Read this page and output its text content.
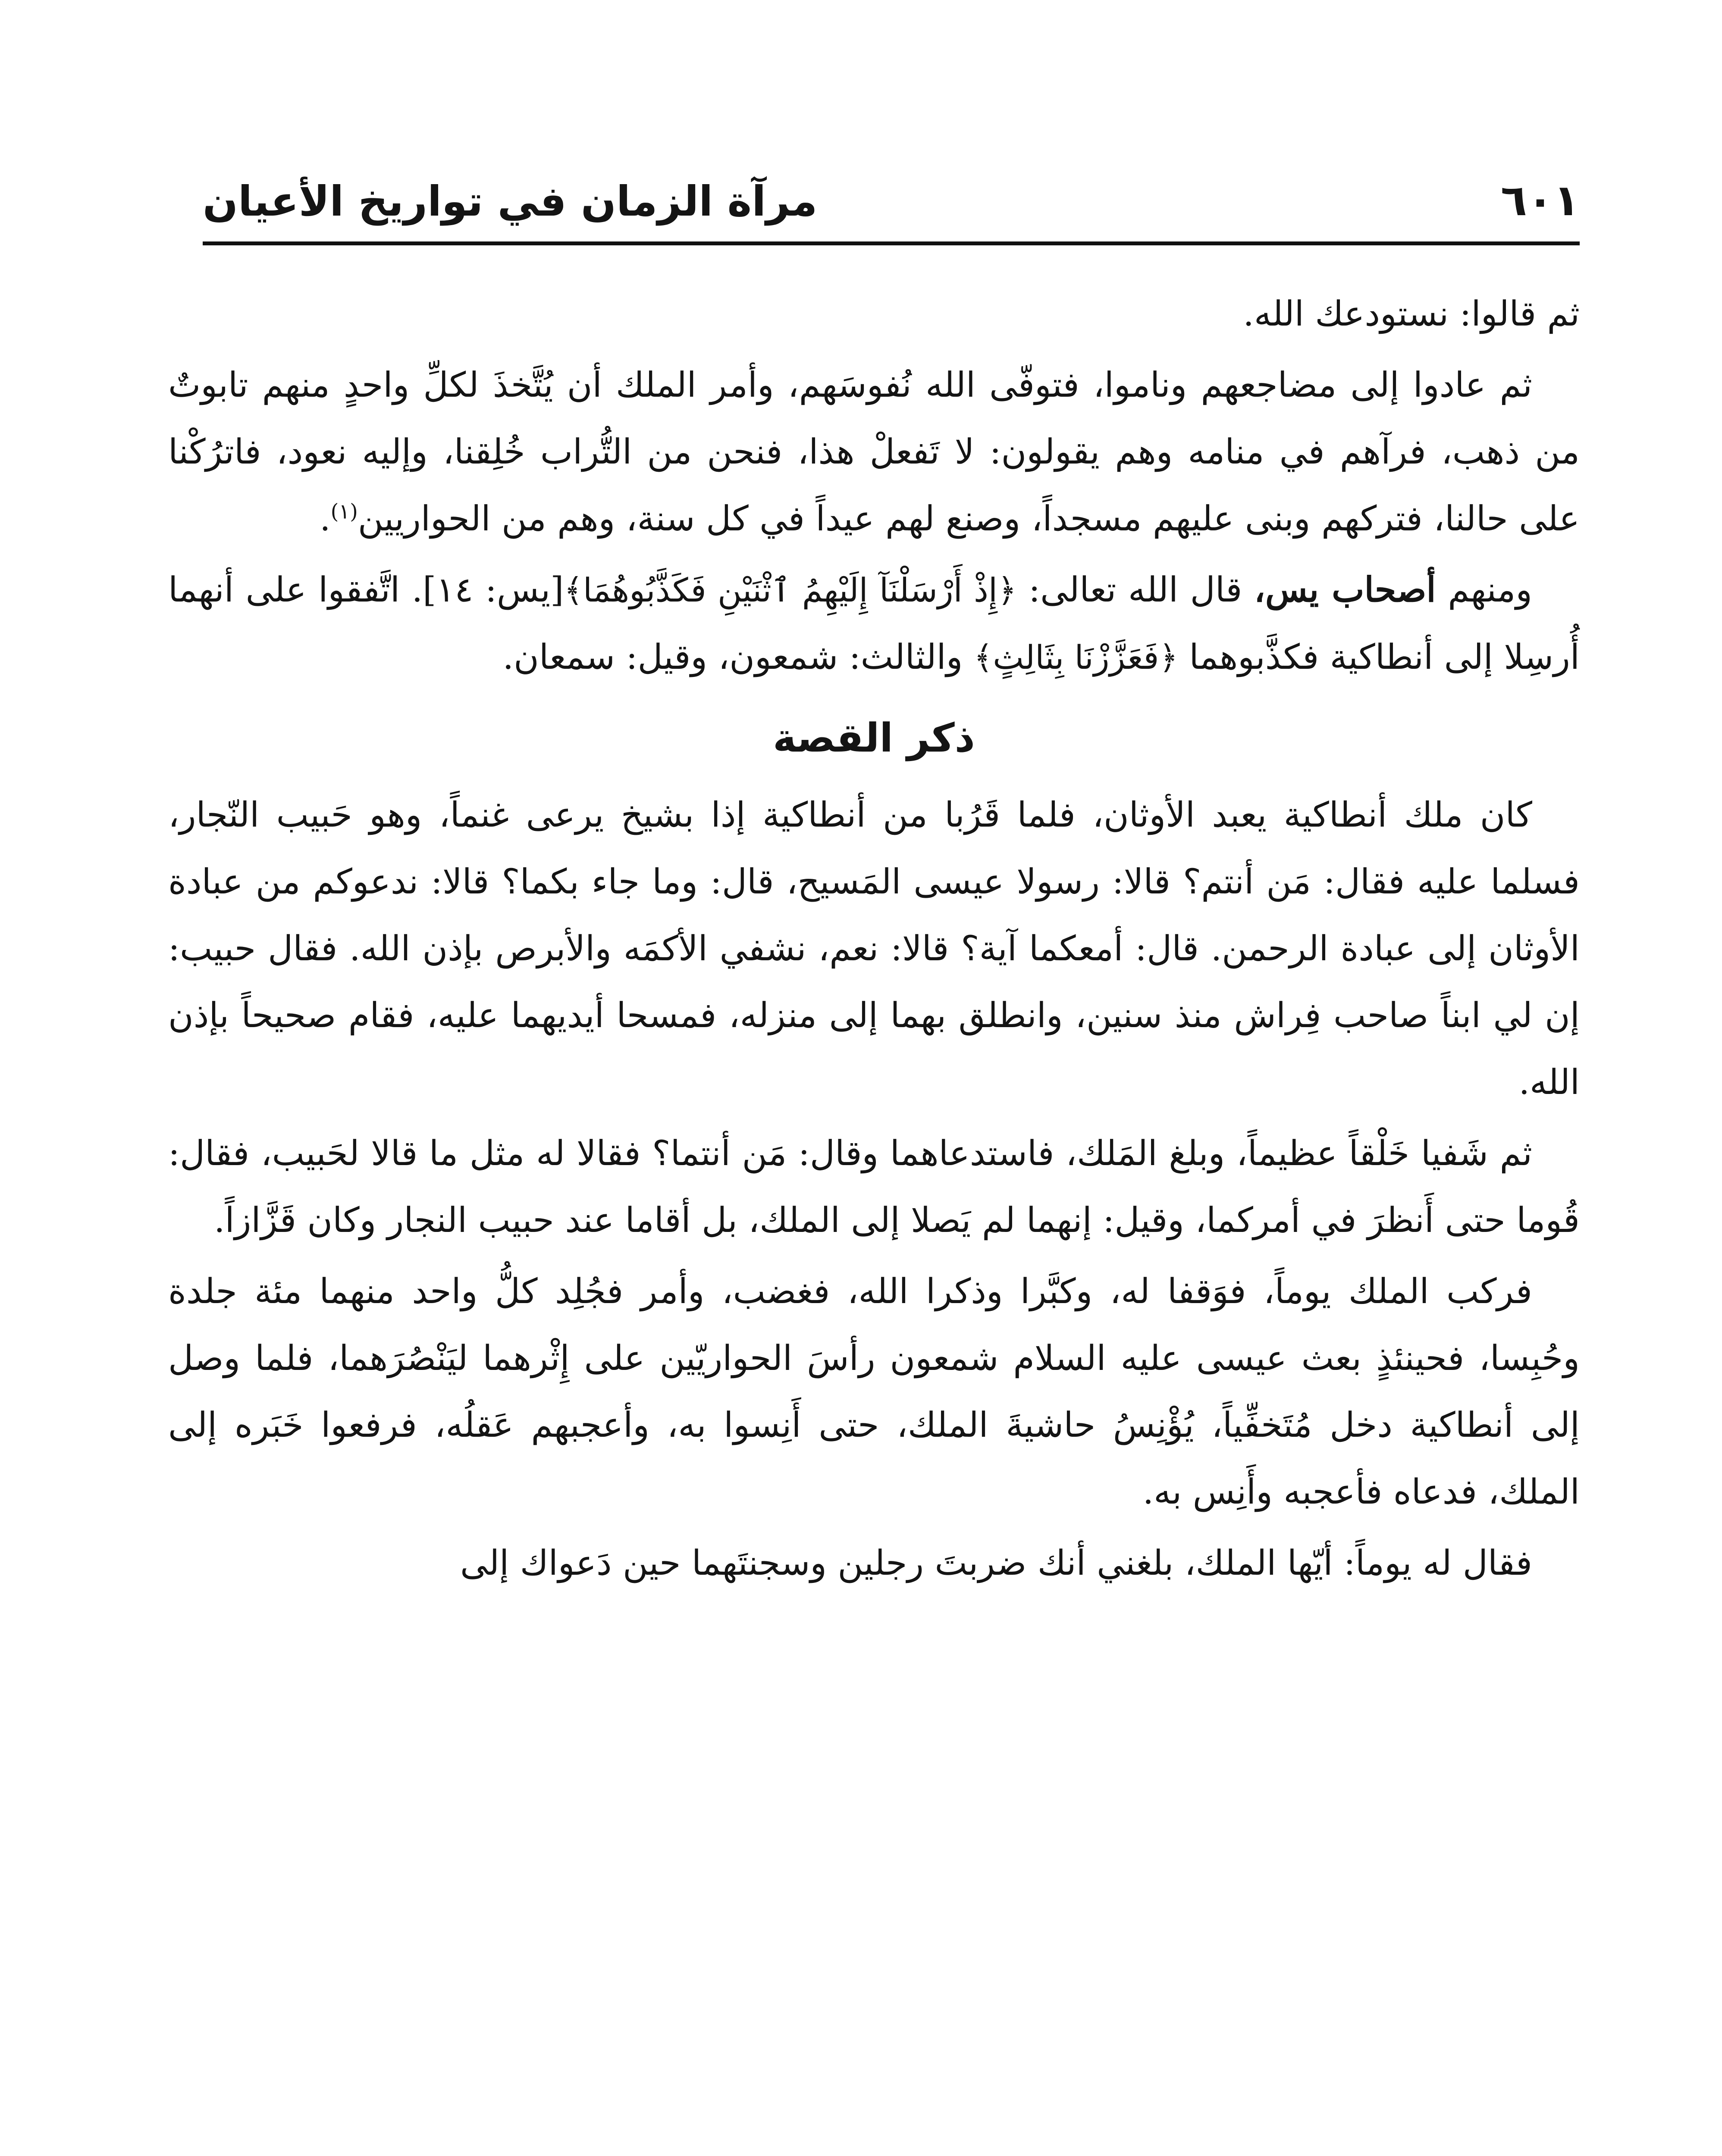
٦٠١
مرآة الزمان في تواريخ الأعيان

ثم قالوا: نستودعك الله.

ثم عادوا إلى مضاجعهم وناموا، فتوفّى الله نُفوسَهم، وأمر الملك أن يُتَّخذَ لكلِّ واحدٍ منهم تابوتٌ من ذهب، فرآهم في منامه وهم يقولون: لا تَفعلْ هذا، فنحن من التُّراب خُلِقنا، وإليه نعود، فاترُكْنا على حالنا، فتركهم وبنى عليهم مسجداً، وصنع لهم عيداً في كل سنة، وهم من الحواريين$^{(١)}$.

ومنهم أصحاب يس، قال الله تعالى: ﴿إِذْ أَرْسَلْنَآ إِلَيْهِمُ ٱثْنَيْنِ فَكَذَّبُوهُمَا﴾[يس: ١٤]. اتَّفقوا على أنهما أُرسِلا إلى أنطاكية فكذَّبوهما ﴿فَعَزَّزْنَا بِثَالِثٍ﴾ والثالث: شمعون، وقيل: سمعان.

ذكر القصة

كان ملك أنطاكية يعبد الأوثان، فلما قَرُبا من أنطاكية إذا بشيخ يرعى غنماً، وهو حَبيب النّجار، فسلما عليه فقال: مَن أنتم؟ قالا: رسولا عيسى المَسيح، قال: وما جاء بكما؟ قالا: ندعوكم من عبادة الأوثان إلى عبادة الرحمن. قال: أمعكما آية؟ قالا: نعم، نشفي الأكمَه والأبرص بإذن الله. فقال حبيب: إن لي ابناً صاحب فِراش منذ سنين، وانطلق بهما إلى منزله، فمسحا أيديهما عليه، فقام صحيحاً بإذن الله.

ثم شَفيا خَلْقاً عظيماً، وبلغ المَلك، فاستدعاهما وقال: مَن أنتما؟ فقالا له مثل ما قالا لحَبيب، فقال: قُوما حتى أَنظرَ في أمركما، وقيل: إنهما لم يَصلا إلى الملك، بل أقاما عند حبيب النجار وكان قَزَّازاً.

فركب الملك يوماً، فوَقفا له، وكبَّرا وذكرا الله، فغضب، وأمر فجُلِد كلُّ واحد منهما مئة جلدة وحُبِسا، فحينئذٍ بعث عيسى عليه السلام شمعون رأسَ الحواريّين على إِثْرهما ليَنْصُرَهما، فلما وصل إلى أنطاكية دخل مُتَخفِّياً، يُؤْنِسُ حاشيةَ الملك، حتى أَنِسوا به، وأعجبهم عَقلُه، فرفعوا خَبَره إلى الملك، فدعاه فأعجبه وأَنِس به.

فقال له يوماً: أيّها الملك، بلغني أنك ضربتَ رجلين وسجنتَهما حين دَعواك إلى
